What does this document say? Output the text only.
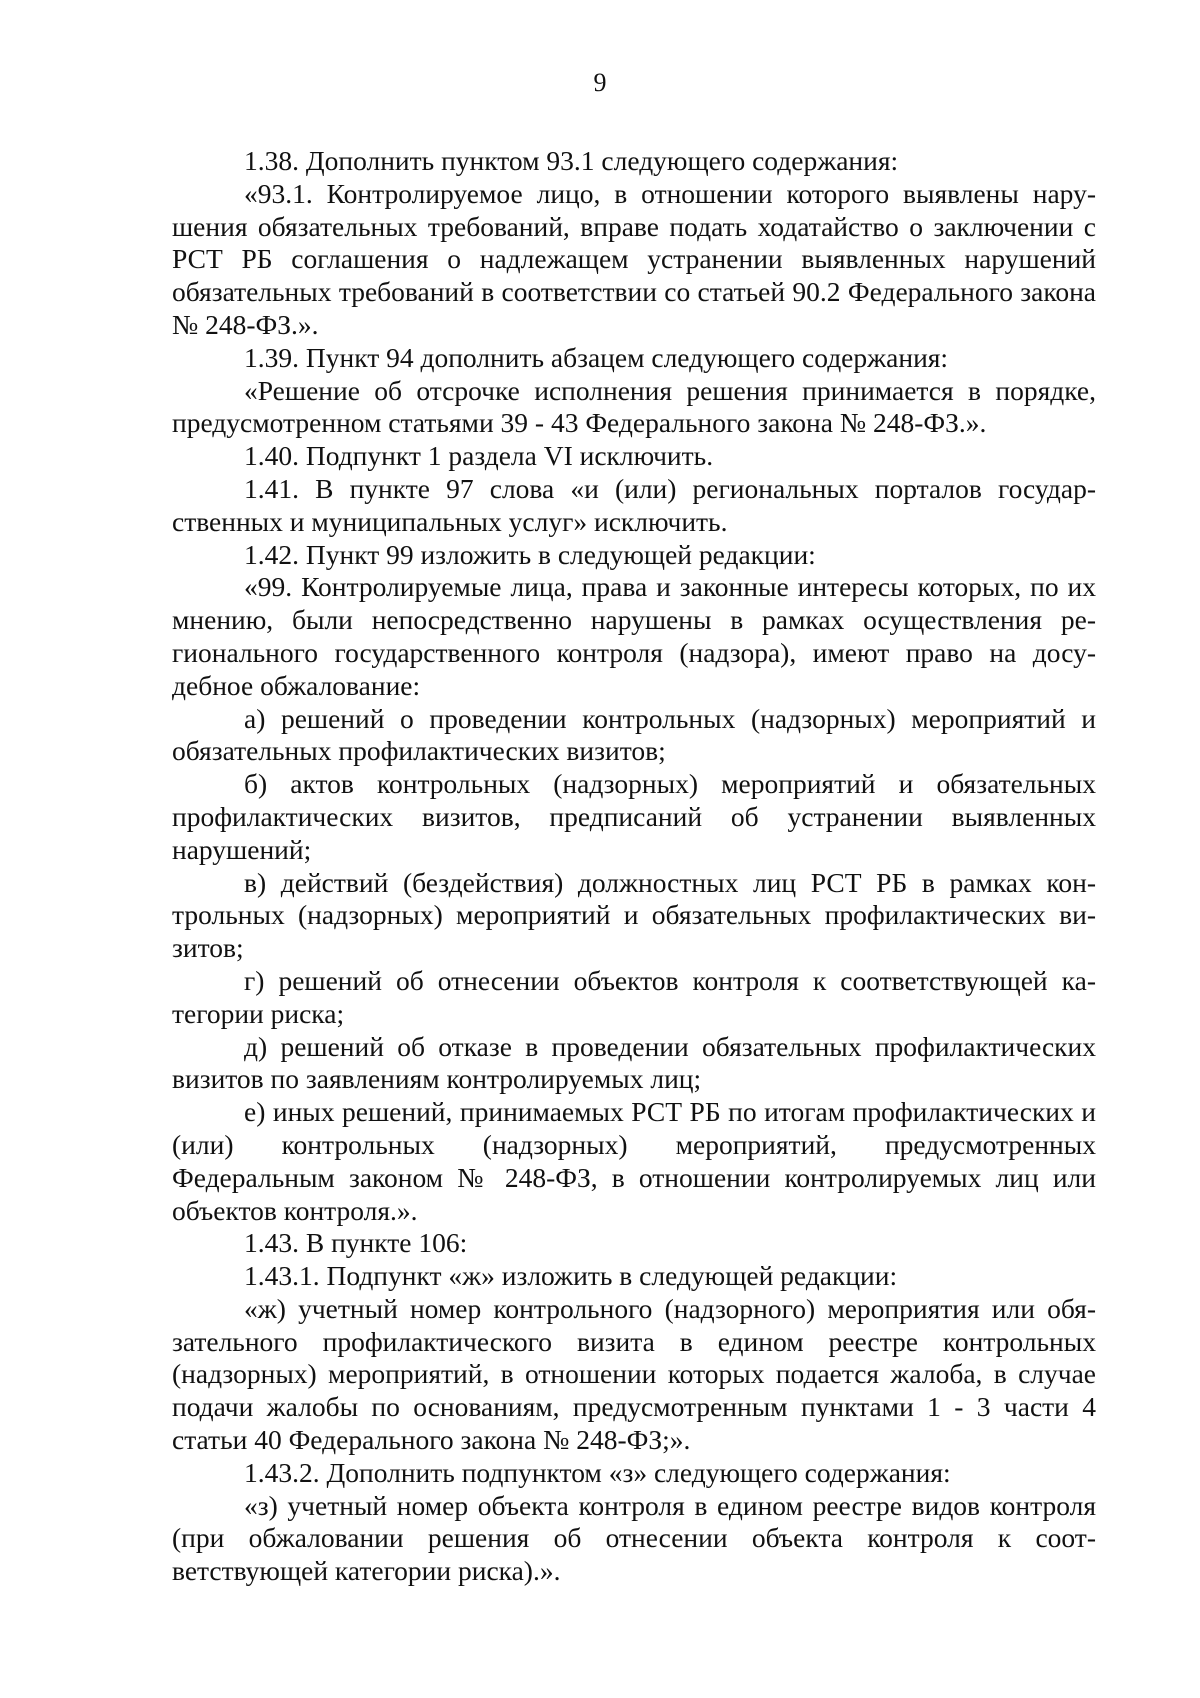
9

1.38. Дополнить пунктом 93.1 следующего содержания:

«93.1. Контролируемое лицо, в отношении которого выявлены нарушения обязательных требований, вправе подать ходатайство о заключении с РСТ РБ соглашения о надлежащем устранении выявленных нарушений обязательных требований в соответствии со статьей 90.2 Федерального закона № 248-ФЗ.».

1.39. Пункт 94 дополнить абзацем следующего содержания:

«Решение об отсрочке исполнения решения принимается в порядке, предусмотренном статьями 39 - 43 Федерального закона № 248-ФЗ.».

1.40. Подпункт 1 раздела VI исключить.

1.41. В пункте 97 слова «и (или) региональных порталов государственных и муниципальных услуг» исключить.

1.42. Пункт 99 изложить в следующей редакции:

«99. Контролируемые лица, права и законные интересы которых, по их мнению, были непосредственно нарушены в рамках осуществления регионального государственного контроля (надзора), имеют право на досудебное обжалование:

а) решений о проведении контрольных (надзорных) мероприятий и обязательных профилактических визитов;

б) актов контрольных (надзорных) мероприятий и обязательных профилактических визитов, предписаний об устранении выявленных нарушений;

в) действий (бездействия) должностных лиц РСТ РБ в рамках контрольных (надзорных) мероприятий и обязательных профилактических визитов;

г) решений об отнесении объектов контроля к соответствующей категории риска;

д) решений об отказе в проведении обязательных профилактических визитов по заявлениям контролируемых лиц;

е) иных решений, принимаемых РСТ РБ по итогам профилактических и (или) контрольных (надзорных) мероприятий, предусмотренных Федеральным законом № 248-ФЗ, в отношении контролируемых лиц или объектов контроля.».

1.43. В пункте 106:

1.43.1. Подпункт «ж» изложить в следующей редакции:

«ж) учетный номер контрольного (надзорного) мероприятия или обязательного профилактического визита в едином реестре контрольных (надзорных) мероприятий, в отношении которых подается жалоба, в случае подачи жалобы по основаниям, предусмотренным пунктами 1 - 3 части 4 статьи 40 Федерального закона № 248-ФЗ;».

1.43.2. Дополнить подпунктом «з» следующего содержания:

«з) учетный номер объекта контроля в едином реестре видов контроля (при обжаловании решения об отнесении объекта контроля к соответствующей категории риска).».
